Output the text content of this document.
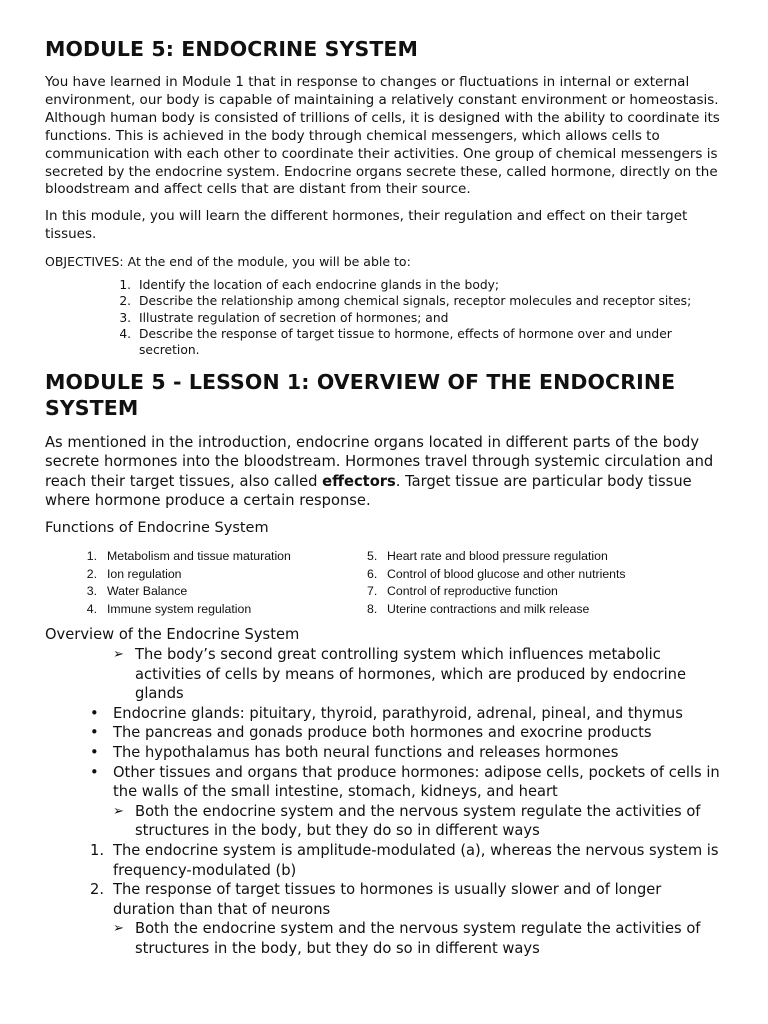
MODULE 5: ENDOCRINE SYSTEM

You have learned in Module 1 that in response to changes or fluctuations in internal or external environment, our body is capable of maintaining a relatively constant environment or homeostasis. Although human body is consisted of trillions of cells, it is designed with the ability to coordinate its functions. This is achieved in the body through chemical messengers, which allows cells to communication with each other to coordinate their activities. One group of chemical messengers is secreted by the endocrine system. Endocrine organs secrete these, called hormone, directly on the bloodstream and affect cells that are distant from their source.

In this module, you will learn the different hormones, their regulation and effect on their target tissues.

OBJECTIVES: At the end of the module, you will be able to:

1. Identify the location of each endocrine glands in the body;
2. Describe the relationship among chemical signals, receptor molecules and receptor sites;
3. Illustrate regulation of secretion of hormones; and
4. Describe the response of target tissue to hormone, effects of hormone over and under secretion.
MODULE 5 - LESSON 1: OVERVIEW OF THE ENDOCRINE SYSTEM

As mentioned in the introduction, endocrine organs located in different parts of the body secrete hormones into the bloodstream. Hormones travel through systemic circulation and reach their target tissues, also called effectors. Target tissue are particular body tissue where hormone produce a certain response.

Functions of Endocrine System
1. Metabolism and tissue maturation
2. Ion regulation
3. Water Balance
4. Immune system regulation
5. Heart rate and blood pressure regulation
6. Control of blood glucose and other nutrients
7. Control of reproductive function
8. Uterine contractions and milk release
Overview of the Endocrine System
➢ The body’s second great controlling system which influences metabolic activities of cells by means of hormones, which are produced by endocrine glands
• Endocrine glands: pituitary, thyroid, parathyroid, adrenal, pineal, and thymus
• The pancreas and gonads produce both hormones and exocrine products
• The hypothalamus has both neural functions and releases hormones
• Other tissues and organs that produce hormones: adipose cells, pockets of cells in the walls of the small intestine, stomach, kidneys, and heart
➢ Both the endocrine system and the nervous system regulate the activities of structures in the body, but they do so in different ways
1. The endocrine system is amplitude-modulated (a), whereas the nervous system is frequency-modulated (b)
2. The response of target tissues to hormones is usually slower and of longer duration than that of neurons
➢ Both the endocrine system and the nervous system regulate the activities of structures in the body, but they do so in different ways
